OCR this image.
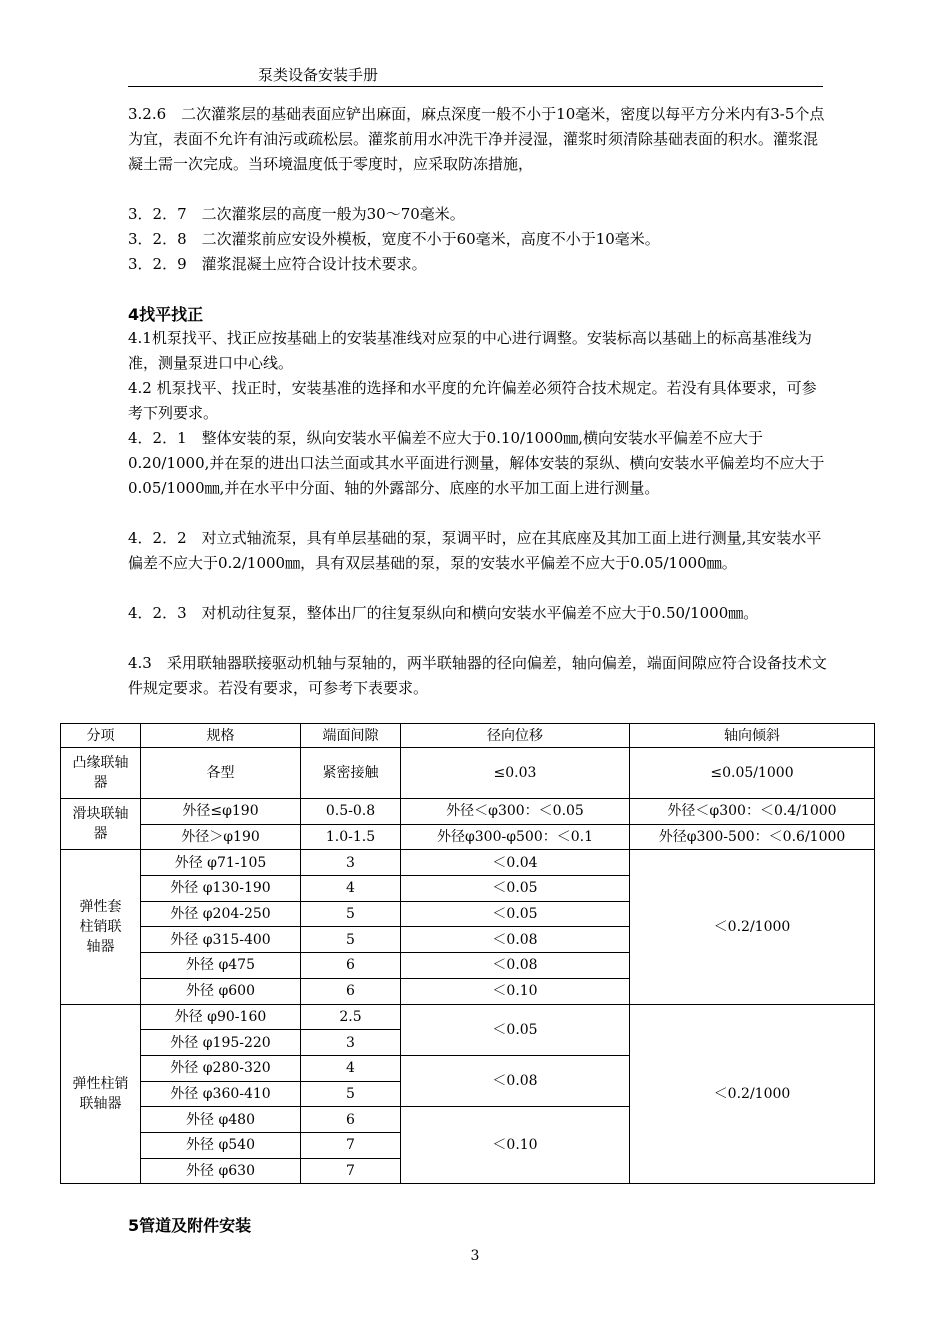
泵类设备安装手册

3.2.6　二次灌浆层的基础表面应铲出麻面，麻点深度一般不小于10毫米，密度以每平方分米内有3-5个点为宜，表面不允许有油污或疏松层。灌浆前用水冲洗干净并浸湿，灌浆时须清除基础表面的积水。灌浆混凝土需一次完成。当环境温度低于零度时，应采取防冻措施，

3．2．7　二次灌浆层的高度一般为30～70毫米。

3．2．8　二次灌浆前应安设外模板，宽度不小于60毫米，高度不小于10毫米。

3．2．9　灌浆混凝土应符合设计技术要求。

4找平找正

4.1机泵找平、找正应按基础上的安装基准线对应泵的中心进行调整。安装标高以基础上的标高基准线为准，测量泵进口中心线。

4.2 机泵找平、找正时，安装基准的选择和水平度的允许偏差必须符合技术规定。若没有具体要求，可参考下列要求。

4．2．1　整体安装的泵，纵向安装水平偏差不应大于0.10/1000㎜,横向安装水平偏差不应大于0.20/1000,并在泵的进出口法兰面或其水平面进行测量，解体安装的泵纵、横向安装水平偏差均不应大于0.05/1000㎜,并在水平中分面、轴的外露部分、底座的水平加工面上进行测量。

4．2．2　对立式轴流泵，具有单层基础的泵，泵调平时，应在其底座及其加工面上进行测量,其安装水平偏差不应大于0.2/1000㎜，具有双层基础的泵，泵的安装水平偏差不应大于0.05/1000㎜。

4．2．3　对机动往复泵，整体出厂的往复泵纵向和横向安装水平偏差不应大于0.50/1000㎜。

4.3　采用联轴器联接驱动机轴与泵轴的，两半联轴器的径向偏差，轴向偏差，端面间隙应符合设备技术文件规定要求。若没有要求，可参考下表要求。

分项	规格	端面间隙	径向位移	轴向倾斜
凸缘联轴器	各型	紧密接触	≤0.03	≤0.05/1000
滑块联轴器	外径≤φ190	0.5-0.8	外径＜φ300：＜0.05	外径＜φ300：＜0.4/1000
	外径＞φ190	1.0-1.5	外径φ300-φ500：＜0.1	外径φ300-500：＜0.6/1000
弹性套柱销联轴器	外径 φ71-105	3	＜0.04	＜0.2/1000
	外径 φ130-190	4	＜0.05	
	外径 φ204-250	5	＜0.05	
	外径 φ315-400	5	＜0.08	
	外径 φ475	6	＜0.08	
	外径 φ600	6	＜0.10	
弹性柱销联轴器	外径 φ90-160	2.5	＜0.05	＜0.2/1000
	外径 φ195-220	3		
	外径 φ280-320	4	＜0.08	
	外径 φ360-410	5		
	外径 φ480	6	＜0.10	
	外径 φ540	7		
	外径 φ630	7		

5管道及附件安装

3
